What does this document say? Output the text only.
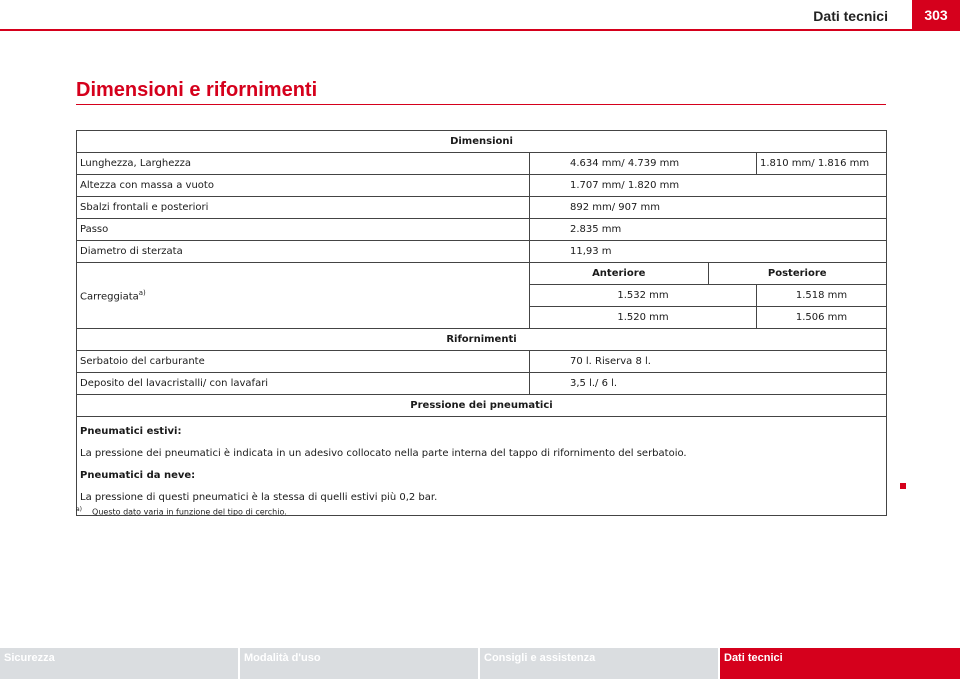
Dati tecnici	303
Dimensioni e rifornimenti
Dimensioni
Lunghezza, Larghezza	4.634 mm/ 4.739 mm	1.810 mm/ 1.816 mm
Altezza con massa a vuoto	1.707 mm/ 1.820 mm
Sbalzi frontali e posteriori	892 mm/ 907 mm
Passo	2.835 mm
Diametro di sterzata	11,93 m
Carreggiata$^{a)}$	
Anteriore	Posteriore

1.532 mm	1.518 mm
1.520 mm	1.506 mm
Rifornimenti
Serbatoio del carburante	70 l. Riserva 8 l.
Deposito del lavacristalli/ con lavafari	3,5 l./ 6 l.
Pressione dei pneumatici

Pneumatici estivi:

La pressione dei pneumatici è indicata in un adesivo collocato nella parte interna del tappo di rifornimento del serbatoio.

Pneumatici da neve:

La pressione di questi pneumatici è la stessa di quelli estivi più 0,2 bar.

$^{a)}$ Questo dato varia in funzione del tipo di cerchio.
Sicurezza	Modalità d'uso	Consigli e assistenza	Dati tecnici
